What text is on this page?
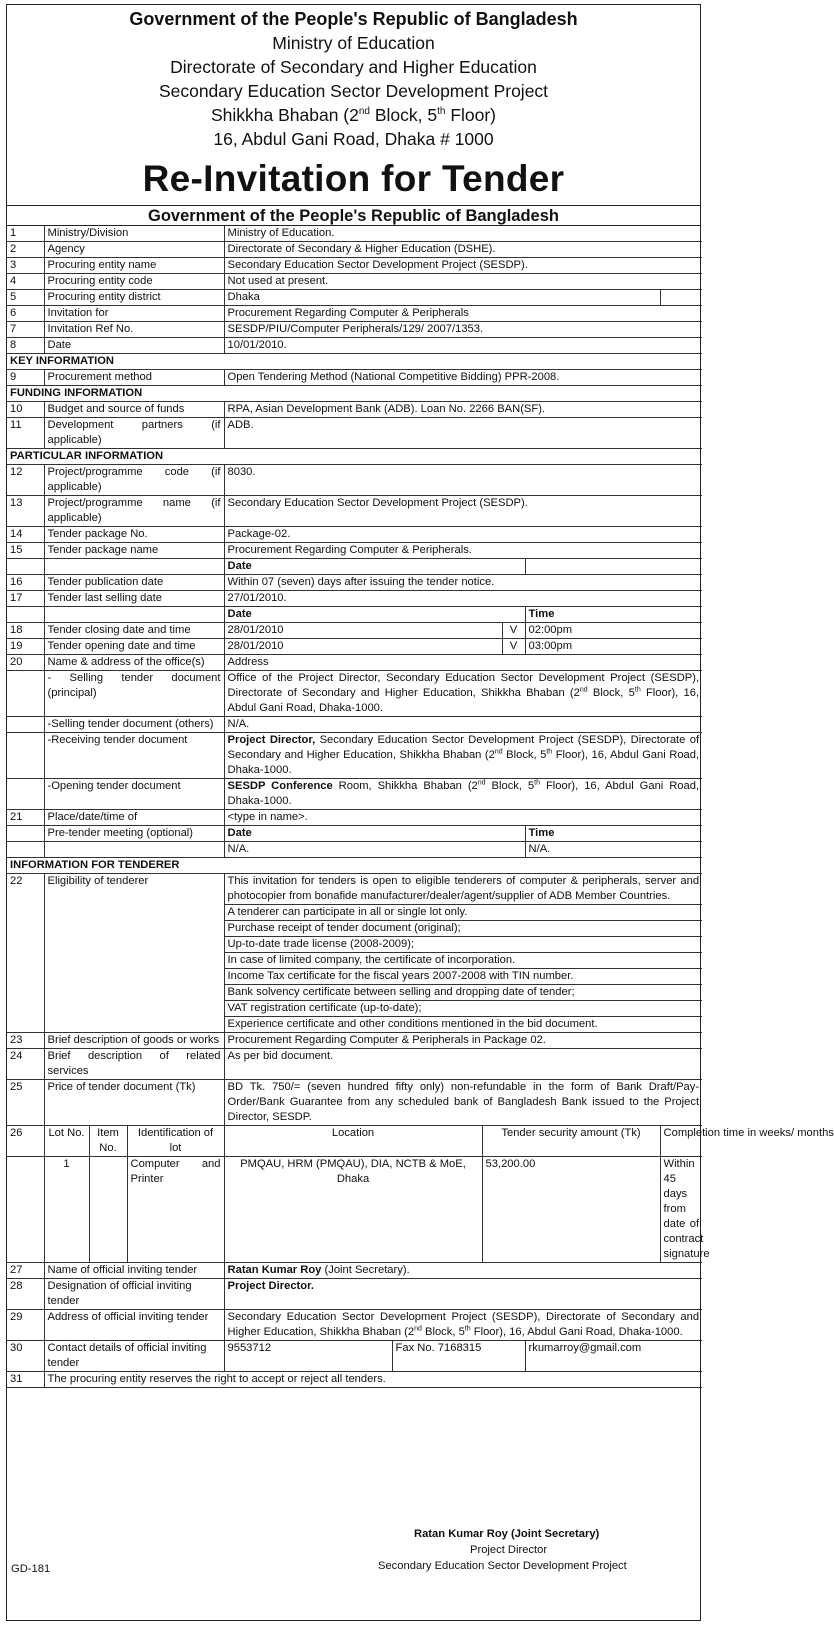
Government of the People's Republic of Bangladesh
Ministry of Education
Directorate of Secondary and Higher Education
Secondary Education Sector Development Project
Shikkha Bhaban (2nd Block, 5th Floor)
16, Abdul Gani Road, Dhaka # 1000
Re-Invitation for Tender
Government of the People's Republic of Bangladesh
1	Ministry/Division			Ministry of Education.					
2	Agency			Directorate of Secondary & Higher Education (DSHE).					
3	Procuring entity name			Secondary Education Sector Development Project (SESDP).					
4	Procuring entity code			Not used at present.					
5	Procuring entity district			Dhaka					
6	Invitation for			Procurement Regarding Computer & Peripherals					
7	Invitation Ref No.			SESDP/PIU/Computer Peripherals/129/ 2007/1353.					
8	Date			10/01/2010.					
KEY INFORMATION									
9	Procurement method			Open Tendering Method (National Competitive Bidding) PPR-2008.					
FUNDING INFORMATION									
10	Budget and source of funds			RPA, Asian Development Bank (ADB). Loan No. 2266 BAN(SF).					
11	Development partners (if applicable)			ADB.					
PARTICULAR INFORMATION									
12	Project/programme code (if applicable)			8030.					
13	Project/programme name (if applicable)			Secondary Education Sector Development Project (SESDP).					
14	Tender package No.			Package-02.					
15	Tender package name			Procurement Regarding Computer & Peripherals.					
				Date					
16	Tender publication date			Within 07 (seven) days after issuing the tender notice.					
17	Tender last selling date			27/01/2010.					
				Date				Time	
18	Tender closing date and time			28/01/2010			V	02:00pm	
19	Tender opening date and time			28/01/2010			V	03:00pm	
20	Name & address of the office(s)			Address					
	- Selling tender document (principal)			Office of the Project Director, Secondary Education Sector Development Project (SESDP), Directorate of Secondary and Higher Education, Shikkha Bhaban (2nd Block, 5th Floor), 16, Abdul Gani Road, Dhaka-1000.					
	-Selling tender document (others)			N/A.					
	-Receiving tender document			Project Director, Secondary Education Sector Development Project (SESDP), Directorate of Secondary and Higher Education, Shikkha Bhaban (2nd Block, 5th Floor), 16, Abdul Gani Road, Dhaka-1000.					
	-Opening tender document			SESDP Conference Room, Shikkha Bhaban (2nd Block, 5th Floor), 16, Abdul Gani Road, Dhaka-1000.					
21	Place/date/time of			<type in name>.					
	Pre-tender meeting (optional)			Date				Time	
				N/A.				N/A.	
INFORMATION FOR TENDERER									
22	Eligibility of tenderer			This invitation for tenders is open to eligible tenderers of computer & peripherals, server and photocopier from bonafide manufacturer/dealer/agent/supplier of ADB Member Countries.					
				A tenderer can participate in all or single lot only.					
				Purchase receipt of tender document (original);					
				Up-to-date trade license (2008-2009);					
				In case of limited company, the certificate of incorporation.					
				Income Tax certificate for the fiscal years 2007-2008 with TIN number.					
				Bank solvency certificate between selling and dropping date of tender;					
				VAT registration certificate (up-to-date);					
				Experience certificate and other conditions mentioned in the bid document.					
23	Brief description of goods or works			Procurement Regarding Computer & Peripherals in Package 02.					
24	Brief description of related services			As per bid document.					
25	Price of tender document (Tk)			BD Tk. 750/= (seven hundred fifty only) non-refundable in the form of Bank Draft/Pay-Order/Bank Guarantee from any scheduled bank of Bangladesh Bank issued to the Project Director, SESDP.					
26	Lot No.	Item No.	Identification of lot	Location		Tender security amount (Tk)			Completion time in weeks/ months
	1		Computer and Printer	PMQAU, HRM (PMQAU), DIA, NCTB & MoE, Dhaka		53,200.00			Within 45 days from date of contract signature
27	Name of official inviting tender			Ratan Kumar Roy (Joint Secretary).					
28	Designation of official inviting tender			Project Director.					
29	Address of official inviting tender			Secondary Education Sector Development Project (SESDP), Directorate of Secondary and Higher Education, Shikkha Bhaban (2nd Block, 5th Floor), 16, Abdul Gani Road, Dhaka-1000.					
30	Contact details of official inviting tender			9553712	Fax No. 7168315			rkumarroy@gmail.com	
31	The procuring entity reserves the right to accept or reject all tenders.								
GD-181
Ratan Kumar Roy (Joint Secretary)
Project Director
Secondary Education Sector Development Project
